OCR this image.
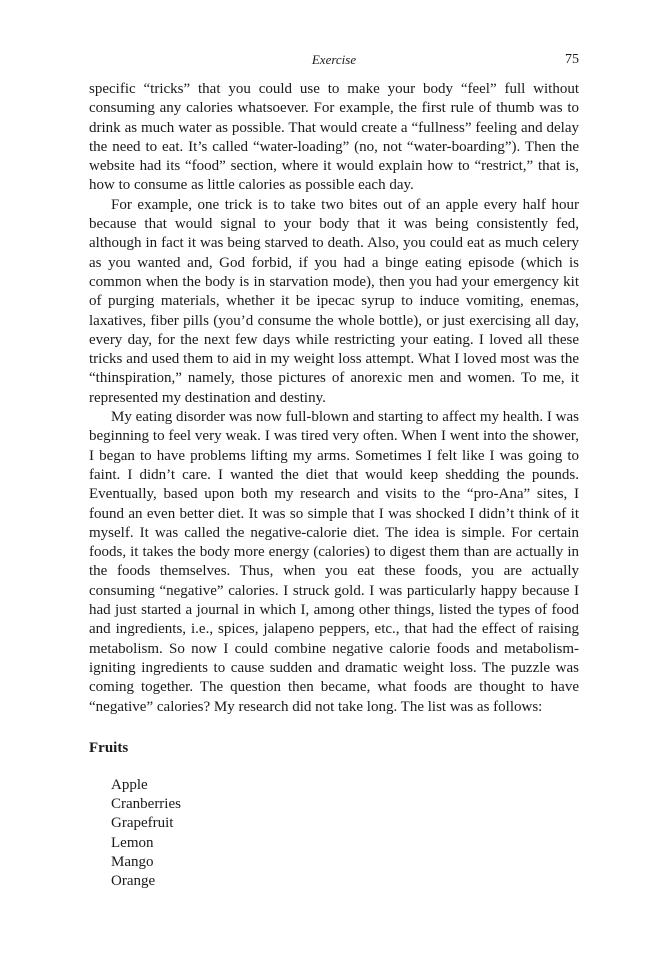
Exercise	75

specific “tricks” that you could use to make your body “feel” full without consuming any calories whatsoever. For example, the first rule of thumb was to drink as much water as possible. That would create a “fullness” feeling and delay the need to eat. It’s called “water-loading” (no, not “water-boarding”). Then the website had its “food” section, where it would explain how to “restrict,” that is, how to consume as little calories as possible each day.

For example, one trick is to take two bites out of an apple every half hour because that would signal to your body that it was being consistently fed, although in fact it was being starved to death. Also, you could eat as much celery as you wanted and, God forbid, if you had a binge eating episode (which is common when the body is in starvation mode), then you had your emergency kit of purging materials, whether it be ipecac syrup to induce vomiting, enemas, laxatives, fiber pills (you’d consume the whole bottle), or just exercising all day, every day, for the next few days while restricting your eating. I loved all these tricks and used them to aid in my weight loss attempt. What I loved most was the “thinspiration,” namely, those pictures of anorexic men and women. To me, it represented my destination and destiny.

My eating disorder was now full-blown and starting to affect my health. I was beginning to feel very weak. I was tired very often. When I went into the shower, I began to have problems lifting my arms. Sometimes I felt like I was going to faint. I didn’t care. I wanted the diet that would keep shedding the pounds. Eventually, based upon both my research and visits to the “pro-Ana” sites, I found an even better diet. It was so simple that I was shocked I didn’t think of it myself. It was called the negative-calorie diet. The idea is simple. For certain foods, it takes the body more energy (calories) to digest them than are actually in the foods themselves. Thus, when you eat these foods, you are actually consuming “negative” calories. I struck gold. I was particularly happy because I had just started a journal in which I, among other things, listed the types of food and ingredients, i.e., spices, jalapeno peppers, etc., that had the effect of raising metabolism. So now I could combine negative calorie foods and metabolism-igniting ingredients to cause sudden and dramatic weight loss. The puzzle was coming together. The question then became, what foods are thought to have “negative” calories? My research did not take long. The list was as follows:

Fruits
Apple
Cranberries
Grapefruit
Lemon
Mango
Orange
